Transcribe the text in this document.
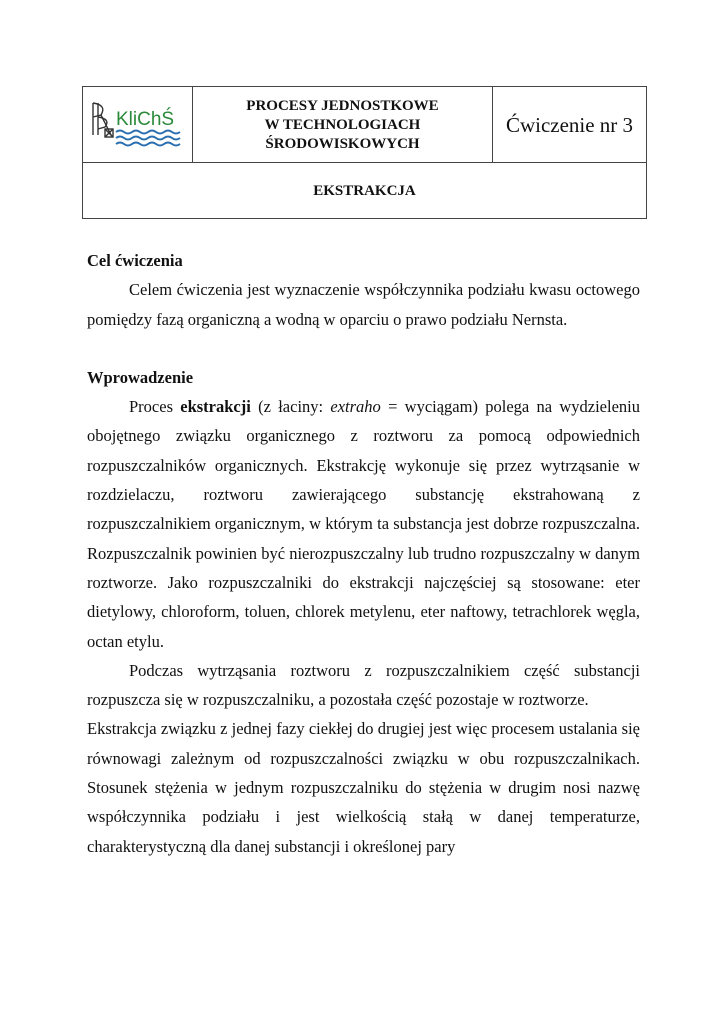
KliChŚ
PROCESY JEDNOSTKOWE
W TECHNOLOGIACH
ŚRODOWISKOWYCH
Ćwiczenie nr 3
EKSTRAKCJA
Cel ćwiczenia

Celem ćwiczenia jest wyznaczenie współczynnika podziału kwasu octowego pomiędzy fazą organiczną a wodną w oparciu o prawo podziału Nernsta.

Wprowadzenie

Proces ekstrakcji (z łaciny: extraho = wyciągam) polega na wydzieleniu obojętnego związku organicznego z roztworu za pomocą odpowiednich rozpuszczalników organicznych. Ekstrakcję wykonuje się przez wytrząsanie w rozdzielaczu, roztworu zawierającego substancję ekstrahowaną z rozpuszczalnikiem organicznym, w którym ta substancja jest dobrze rozpuszczalna. Rozpuszczalnik powinien być nierozpuszczalny lub trudno rozpuszczalny w danym roztworze. Jako rozpuszczalniki do ekstrakcji najczęściej są stosowane: eter dietylowy, chloroform, toluen, chlorek metylenu, eter naftowy, tetrachlorek węgla, octan etylu.

Podczas wytrząsania roztworu z rozpuszczalnikiem część substancji rozpuszcza się w rozpuszczalniku, a pozostała część pozostaje w roztworze.

Ekstrakcja związku z jednej fazy ciekłej do drugiej jest więc procesem ustalania się równowagi zależnym od rozpuszczalności związku w obu rozpuszczalnikach. Stosunek stężenia w jednym rozpuszczalniku do stężenia w drugim nosi nazwę współczynnika podziału i jest wielkością stałą w danej temperaturze, charakterystyczną dla danej substancji i określonej pary
